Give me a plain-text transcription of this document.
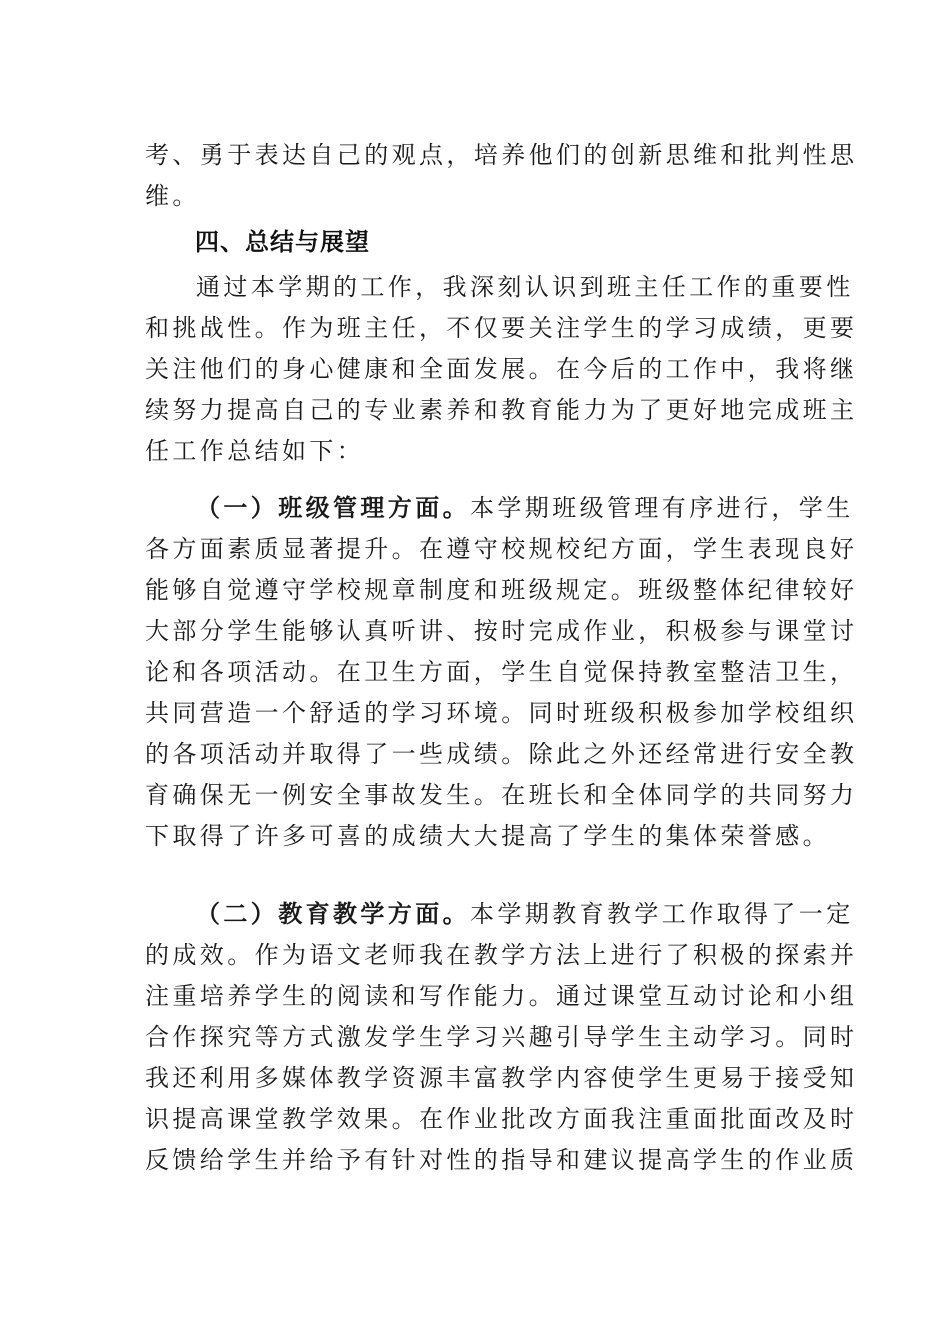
考、勇于表达自己的观点，培养他们的创新思维和批判性思
维。
四、总结与展望
通过本学期的工作，我深刻认识到班主任工作的重要性
和挑战性。作为班主任，不仅要关注学生的学习成绩，更要
关注他们的身心健康和全面发展。在今后的工作中，我将继
续努力提高自己的专业素养和教育能力为了更好地完成班主
任工作总结如下：
（一）班级管理方面。本学期班级管理有序进行，学生
各方面素质显著提升。在遵守校规校纪方面，学生表现良好
能够自觉遵守学校规章制度和班级规定。班级整体纪律较好
大部分学生能够认真听讲、按时完成作业，积极参与课堂讨
论和各项活动。在卫生方面，学生自觉保持教室整洁卫生，
共同营造一个舒适的学习环境。同时班级积极参加学校组织
的各项活动并取得了一些成绩。除此之外还经常进行安全教
育确保无一例安全事故发生。在班长和全体同学的共同努力
下取得了许多可喜的成绩大大提高了学生的集体荣誉感。
（二）教育教学方面。本学期教育教学工作取得了一定
的成效。作为语文老师我在教学方法上进行了积极的探索并
注重培养学生的阅读和写作能力。通过课堂互动讨论和小组
合作探究等方式激发学生学习兴趣引导学生主动学习。同时
我还利用多媒体教学资源丰富教学内容使学生更易于接受知
识提高课堂教学效果。在作业批改方面我注重面批面改及时
反馈给学生并给予有针对性的指导和建议提高学生的作业质
